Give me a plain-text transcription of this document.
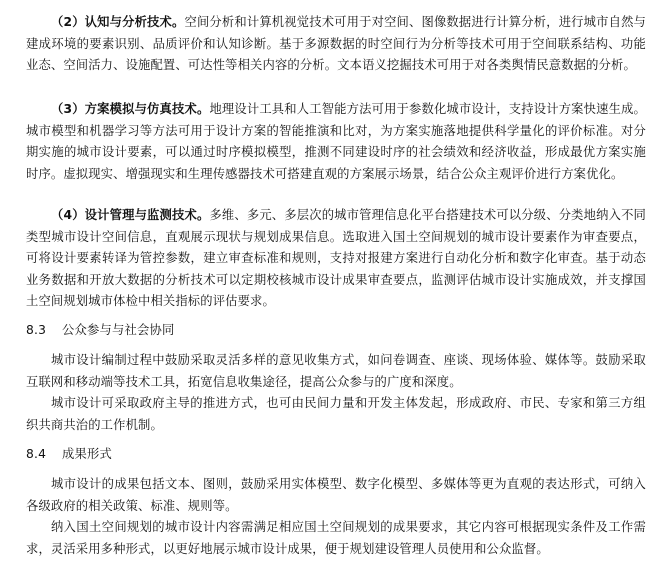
（2）认知与分析技术。空间分析和计算机视觉技术可用于对空间、图像数据进行计算分析，进行城市自然与建成环境的要素识别、品质评价和认知诊断。基于多源数据的时空间行为分析等技术可用于空间联系结构、功能业态、空间活力、设施配置、可达性等相关内容的分析。文本语义挖掘技术可用于对各类舆情民意数据的分析。
（3）方案模拟与仿真技术。地理设计工具和人工智能方法可用于参数化城市设计，支持设计方案快速生成。城市模型和机器学习等方法可用于设计方案的智能推演和比对，为方案实施落地提供科学量化的评价标准。对分期实施的城市设计要素，可以通过时序模拟模型，推测不同建设时序的社会绩效和经济收益，形成最优方案实施时序。虚拟现实、增强现实和生理传感器技术可搭建直观的方案展示场景，结合公众主观评价进行方案优化。
（4）设计管理与监测技术。多维、多元、多层次的城市管理信息化平台搭建技术可以分级、分类地纳入不同类型城市设计空间信息，直观展示现状与规划成果信息。选取进入国土空间规划的城市设计要素作为审查要点，可将设计要素转译为管控参数，建立审查标准和规则，支持对报建方案进行自动化分析和数字化审查。基于动态业务数据和开放大数据的分析技术可以定期校核城市设计成果审查要点，监测评估城市设计实施成效，并支撑国土空间规划城市体检中相关指标的评估要求。
8.3 公众参与与社会协同
城市设计编制过程中鼓励采取灵活多样的意见收集方式，如问卷调查、座谈、现场体验、媒体等。鼓励采取互联网和移动端等技术工具，拓宽信息收集途径，提高公众参与的广度和深度。
城市设计可采取政府主导的推进方式，也可由民间力量和开发主体发起，形成政府、市民、专家和第三方组织共商共治的工作机制。
8.4 成果形式
城市设计的成果包括文本、图则，鼓励采用实体模型、数字化模型、多媒体等更为直观的表达形式，可纳入各级政府的相关政策、标准、规则等。
纳入国土空间规划的城市设计内容需满足相应国土空间规划的成果要求，其它内容可根据现实条件及工作需求，灵活采用多种形式，以更好地展示城市设计成果，便于规划建设管理人员使用和公众监督。
